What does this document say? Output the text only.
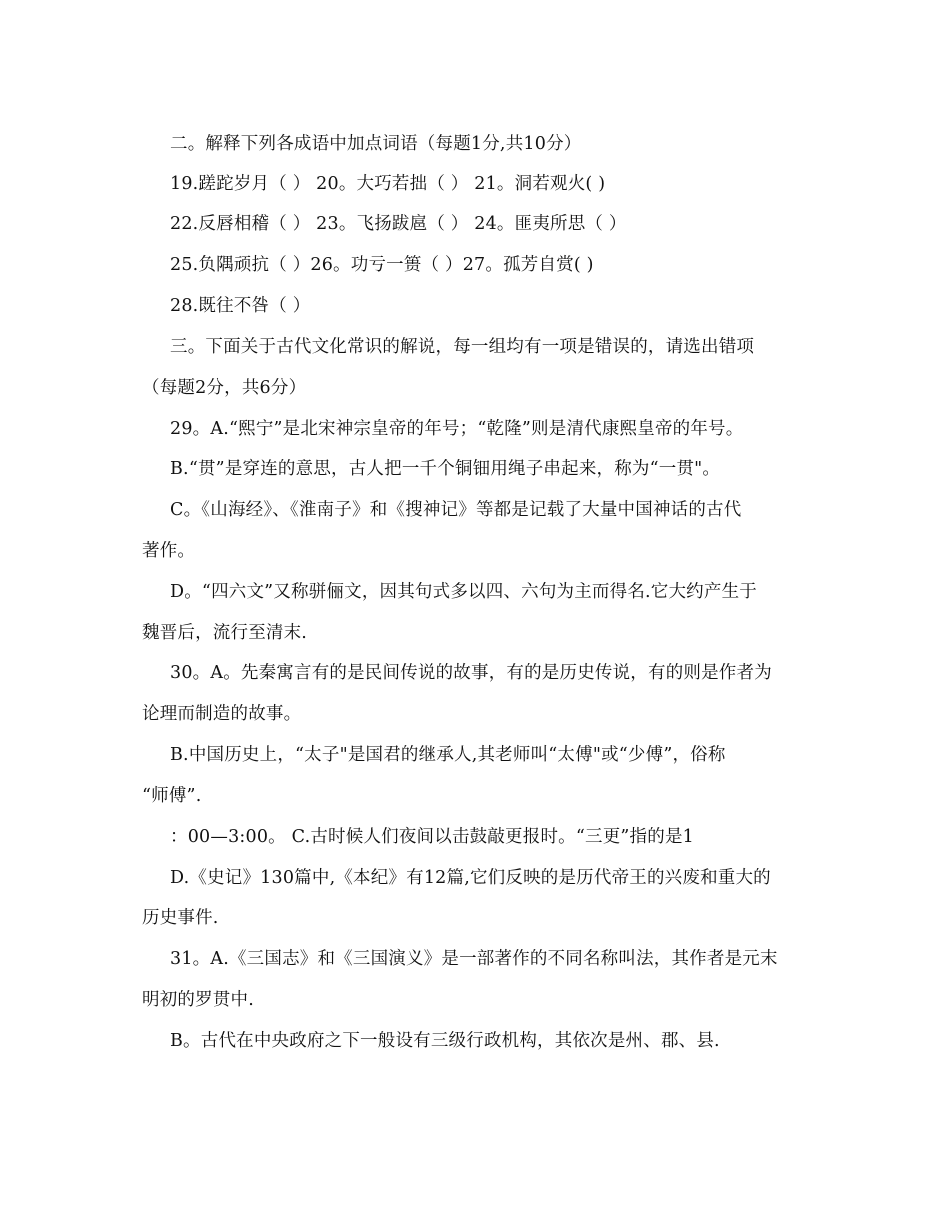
二。解释下列各成语中加点词语（每题1分,共10分）
19.蹉跎岁月（ ） 20。大巧若拙（ ） 21。洞若观火( )
22.反唇相稽（ ） 23。飞扬跋扈（ ） 24。匪夷所思（ ）
25.负隅顽抗（ ）26。功亏一篑（ ）27。孤芳自赏( )
28.既往不咎（ ）
三。下面关于古代文化常识的解说，每一组均有一项是错误的，请选出错项
（每题2分，共6分）
29。A.“熙宁”是北宋神宗皇帝的年号；“乾隆”则是清代康熙皇帝的年号。
B.“贯”是穿连的意思，古人把一千个铜钿用绳子串起来，称为“一贯"。
C。《山海经》、《淮南子》和《搜神记》等都是记载了大量中国神话的古代
著作。
D。“四六文”又称骈俪文，因其句式多以四、六句为主而得名.它大约产生于
魏晋后，流行至清末.
30。A。先秦寓言有的是民间传说的故事，有的是历史传说，有的则是作者为
论理而制造的故事。
B.中国历史上，“太子"是国君的继承人,其老师叫“太傅"或“少傅”，俗称
“师傅”.
：00—3:00。 C.古时候人们夜间以击鼓敲更报时。“三更”指的是1
D.《史记》130篇中,《本纪》有12篇,它们反映的是历代帝王的兴废和重大的
历史事件.
31。A.《三国志》和《三国演义》是一部著作的不同名称叫法，其作者是元末
明初的罗贯中.
B。古代在中央政府之下一般设有三级行政机构，其依次是州、郡、县.
